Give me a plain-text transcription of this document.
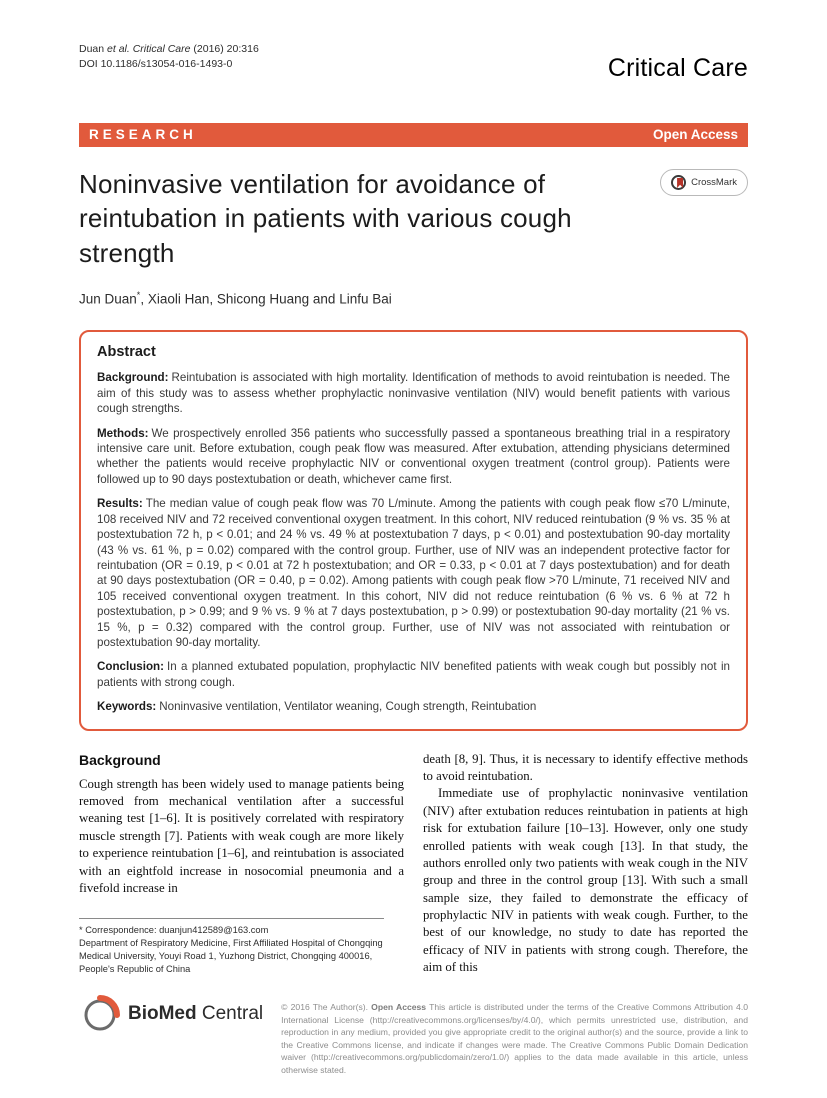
Duan et al. Critical Care (2016) 20:316
DOI 10.1186/s13054-016-1493-0	Critical Care
RESEARCH	Open Access
Noninvasive ventilation for avoidance of reintubation in patients with various cough strength
CrossMark
Jun Duan*, Xiaoli Han, Shicong Huang and Linfu Bai
Abstract

Background: Reintubation is associated with high mortality. Identification of methods to avoid reintubation is needed. The aim of this study was to assess whether prophylactic noninvasive ventilation (NIV) would benefit patients with various cough strengths.

Methods: We prospectively enrolled 356 patients who successfully passed a spontaneous breathing trial in a respiratory intensive care unit. Before extubation, cough peak flow was measured. After extubation, attending physicians determined whether the patients would receive prophylactic NIV or conventional oxygen treatment (control group). Patients were followed up to 90 days postextubation or death, whichever came first.

Results: The median value of cough peak flow was 70 L/minute. Among the patients with cough peak flow ≤70 L/minute, 108 received NIV and 72 received conventional oxygen treatment. In this cohort, NIV reduced reintubation (9 % vs. 35 % at postextubation 72 h, p < 0.01; and 24 % vs. 49 % at postextubation 7 days, p < 0.01) and postextubation 90-day mortality (43 % vs. 61 %, p = 0.02) compared with the control group. Further, use of NIV was an independent protective factor for reintubation (OR = 0.19, p < 0.01 at 72 h postextubation; and OR = 0.33, p < 0.01 at 7 days postextubation) and for death at 90 days postextubation (OR = 0.40, p = 0.02). Among patients with cough peak flow >70 L/minute, 71 received NIV and 105 received conventional oxygen treatment. In this cohort, NIV did not reduce reintubation (6 % vs. 6 % at 72 h postextubation, p > 0.99; and 9 % vs. 9 % at 7 days postextubation, p > 0.99) or postextubation 90-day mortality (21 % vs. 15 %, p = 0.32) compared with the control group. Further, use of NIV was not associated with reintubation or postextubation 90-day mortality.

Conclusion: In a planned extubated population, prophylactic NIV benefited patients with weak cough but possibly not in patients with strong cough.

Keywords: Noninvasive ventilation, Ventilator weaning, Cough strength, Reintubation

Background

Cough strength has been widely used to manage patients being removed from mechanical ventilation after a successful weaning test [1–6]. It is positively correlated with respiratory muscle strength [7]. Patients with weak cough are more likely to experience reintubation [1–6], and reintubation is associated with an eightfold increase in nosocomial pneumonia and a fivefold increase in

* Correspondence: duanjun412589@163.com
Department of Respiratory Medicine, First Affiliated Hospital of Chongqing Medical University, Youyi Road 1, Yuzhong District, Chongqing 400016, People's Republic of China

death [8, 9]. Thus, it is necessary to identify effective methods to avoid reintubation.

Immediate use of prophylactic noninvasive ventilation (NIV) after extubation reduces reintubation in patients at high risk for extubation failure [10–13]. However, only one study enrolled patients with weak cough [13]. In that study, the authors enrolled only two patients with weak cough in the NIV group and three in the control group [13]. With such a small sample size, they failed to demonstrate the efficacy of prophylactic NIV in patients with weak cough. Further, to the best of our knowledge, no study to date has reported the efficacy of NIV in patients with strong cough. Therefore, the aim of this

BioMed Central © 2016 The Author(s). Open Access This article is distributed under the terms of the Creative Commons Attribution 4.0 International License (http://creativecommons.org/licenses/by/4.0/), which permits unrestricted use, distribution, and reproduction in any medium, provided you give appropriate credit to the original author(s) and the source, provide a link to the Creative Commons license, and indicate if changes were made. The Creative Commons Public Domain Dedication waiver (http://creativecommons.org/publicdomain/zero/1.0/) applies to the data made available in this article, unless otherwise stated.
